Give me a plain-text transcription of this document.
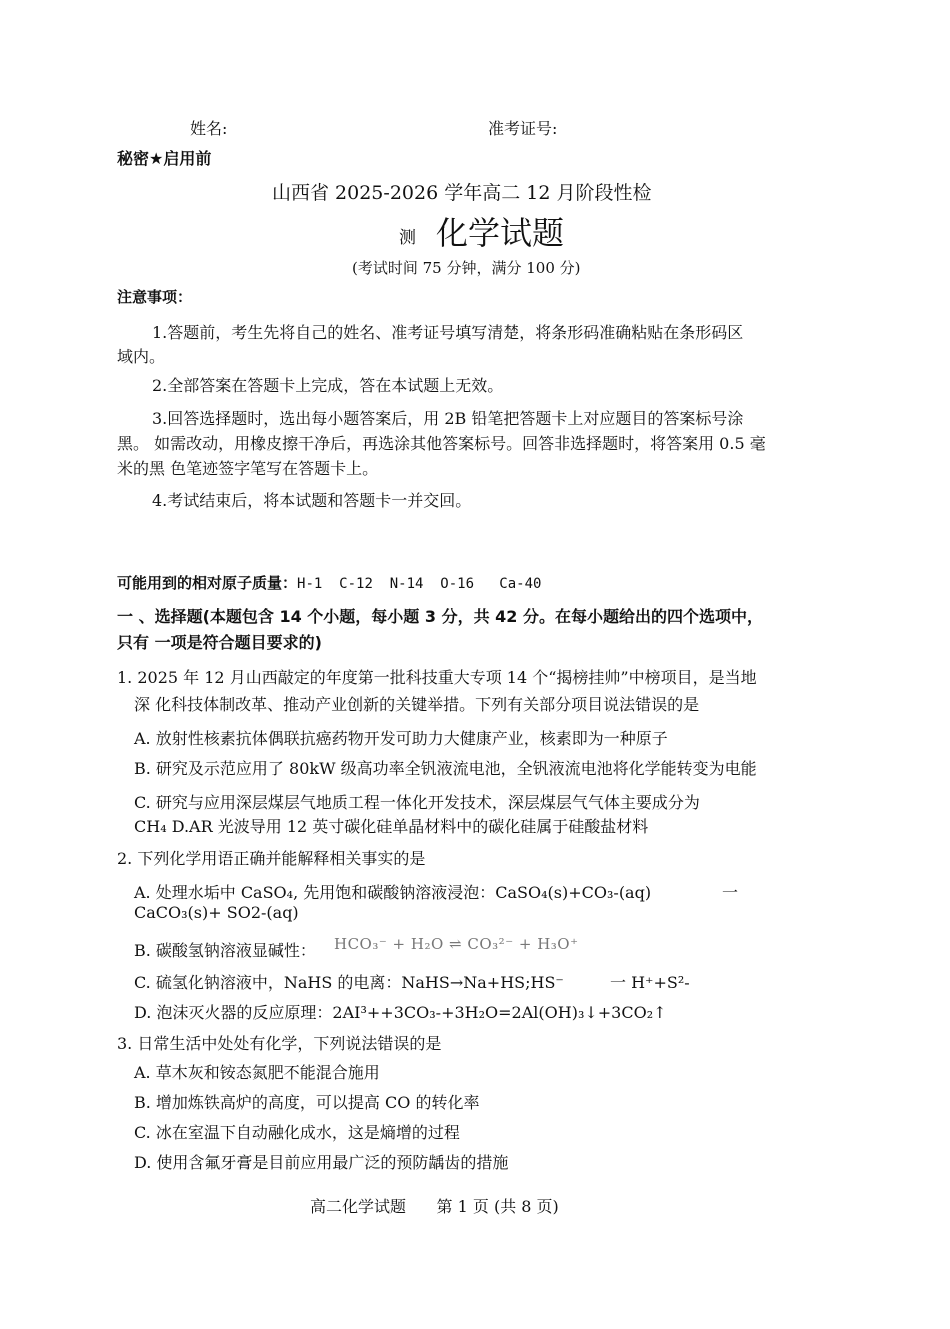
姓名:	准考证号:
秘密★启用前
山西省 2025-2026 学年高二 12 月阶段性检
测 化学试题
(考试时间 75 分钟，满分 100 分)
注意事项：
1.答题前，考生先将自己的姓名、准考证号填写清楚，将条形码准确粘贴在条形码区
域内。
2.全部答案在答题卡上完成，答在本试题上无效。
3.回答选择题时，选出每小题答案后，用 2B 铅笔把答题卡上对应题目的答案标号涂
黑。 如需改动，用橡皮擦干净后，再选涂其他答案标号。回答非选择题时，将答案用 0.5 毫
米的黑 色笔迹签字笔写在答题卡上。
4.考试结束后，将本试题和答题卡一并交回。
可能用到的相对原子质量：H-1  C-12  N-14  O-16   Ca-40
一 、选择题(本题包含 14 个小题，每小题 3 分，共 42 分。在每小题给出的四个选项中，
只有 一项是符合题目要求的)
1. 2025 年 12 月山西敲定的年度第一批科技重大专项 14 个“揭榜挂帅”中榜项目，是当地
深 化科技体制改革、推动产业创新的关键举措。下列有关部分项目说法错误的是
A. 放射性核素抗体偶联抗癌药物开发可助力大健康产业，核素即为一种原子
B. 研究及示范应用了 80kW 级高功率全钒液流电池，全钒液流电池将化学能转变为电能
C. 研究与应用深层煤层气地质工程一体化开发技术，深层煤层气气体主要成分为
CH₄ D.AR 光波导用 12 英寸碳化硅单晶材料中的碳化硅属于硅酸盐材料
2. 下列化学用语正确并能解释相关事实的是
A. 处理水垢中 CaSO₄, 先用饱和碳酸钠溶液浸泡：CaSO₄(s)+CO₃-(aq)	一
CaCO₃(s)+ SO2-(aq)
B. 碳酸氢钠溶液显碱性： HCO₃⁻ + H₂O ⇌ CO₃²⁻ + H₃O⁺
C. 硫氢化钠溶液中，NaHS 的电离：NaHS→Na+HS;HS⁻	一 H⁺+S²-
D. 泡沫灭火器的反应原理：2AI³++3CO₃-+3H₂O=2Al(OH)₃↓+3CO₂↑
3. 日常生活中处处有化学，下列说法错误的是
A. 草木灰和铵态氮肥不能混合施用
B. 增加炼铁高炉的高度，可以提高 CO 的转化率
C. 冰在室温下自动融化成水，这是熵增的过程
D. 使用含氟牙膏是目前应用最广泛的预防龋齿的措施
高二化学试题      第 1 页 (共 8 页)
